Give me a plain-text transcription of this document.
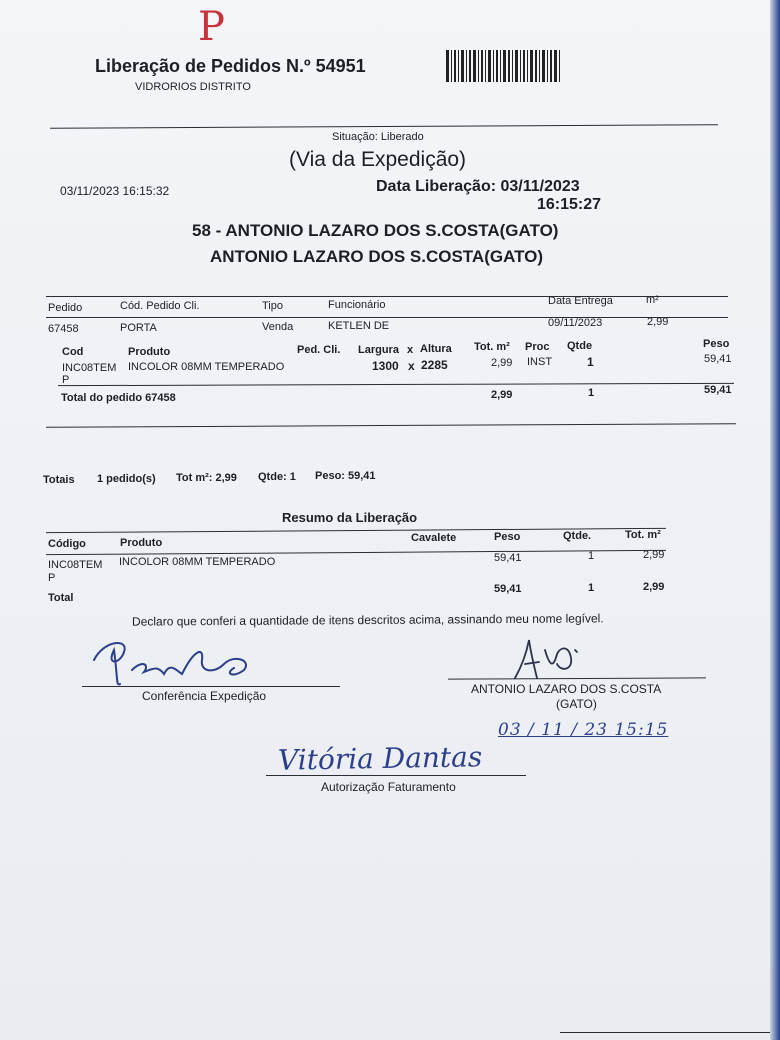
P
Liberação de Pedidos N.º 54951
VIDRORIOS DISTRITO
Situação: Liberado
(Via da Expedição)
03/11/2023 16:15:32	Data Liberação: 03/11/2023
16:15:27
58 - ANTONIO LAZARO DOS S.COSTA(GATO)
ANTONIO LAZARO DOS S.COSTA(GATO)
Pedido	Cód. Pedido Cli.	Tipo	Funcionário	Data Entrega	m²
67458	PORTA	Venda	KETLEN DE	09/11/2023	2,99
Cod	Produto	Ped. Cli. Largura x Altura Tot. m² Proc Qtde	Peso
INC08TEM
P
INCOLOR 08MM TEMPERADO	1300 x 2285	2,99 INST	1	59,41
Total do pedido 67458	2,99	1	59,41
Totais 1 pedido(s) Tot m²: 2,99 Qtde: 1 Peso: 59,41
Resumo da Liberação
Código	Produto	Cavalete	Peso	Qtde.	Tot. m²
INC08TEM
P
INCOLOR 08MM TEMPERADO	59,41	1	2,99
Total
59,41	1	2,99
Declaro que conferi a quantidade de itens descritos acima, assinando meu nome legível.
Conferência Expedição	ANTONIO LAZARO DOS S.COSTA
(GATO)
03 / 11 / 23 15:15
Vitória Dantas
Autorização Faturamento
